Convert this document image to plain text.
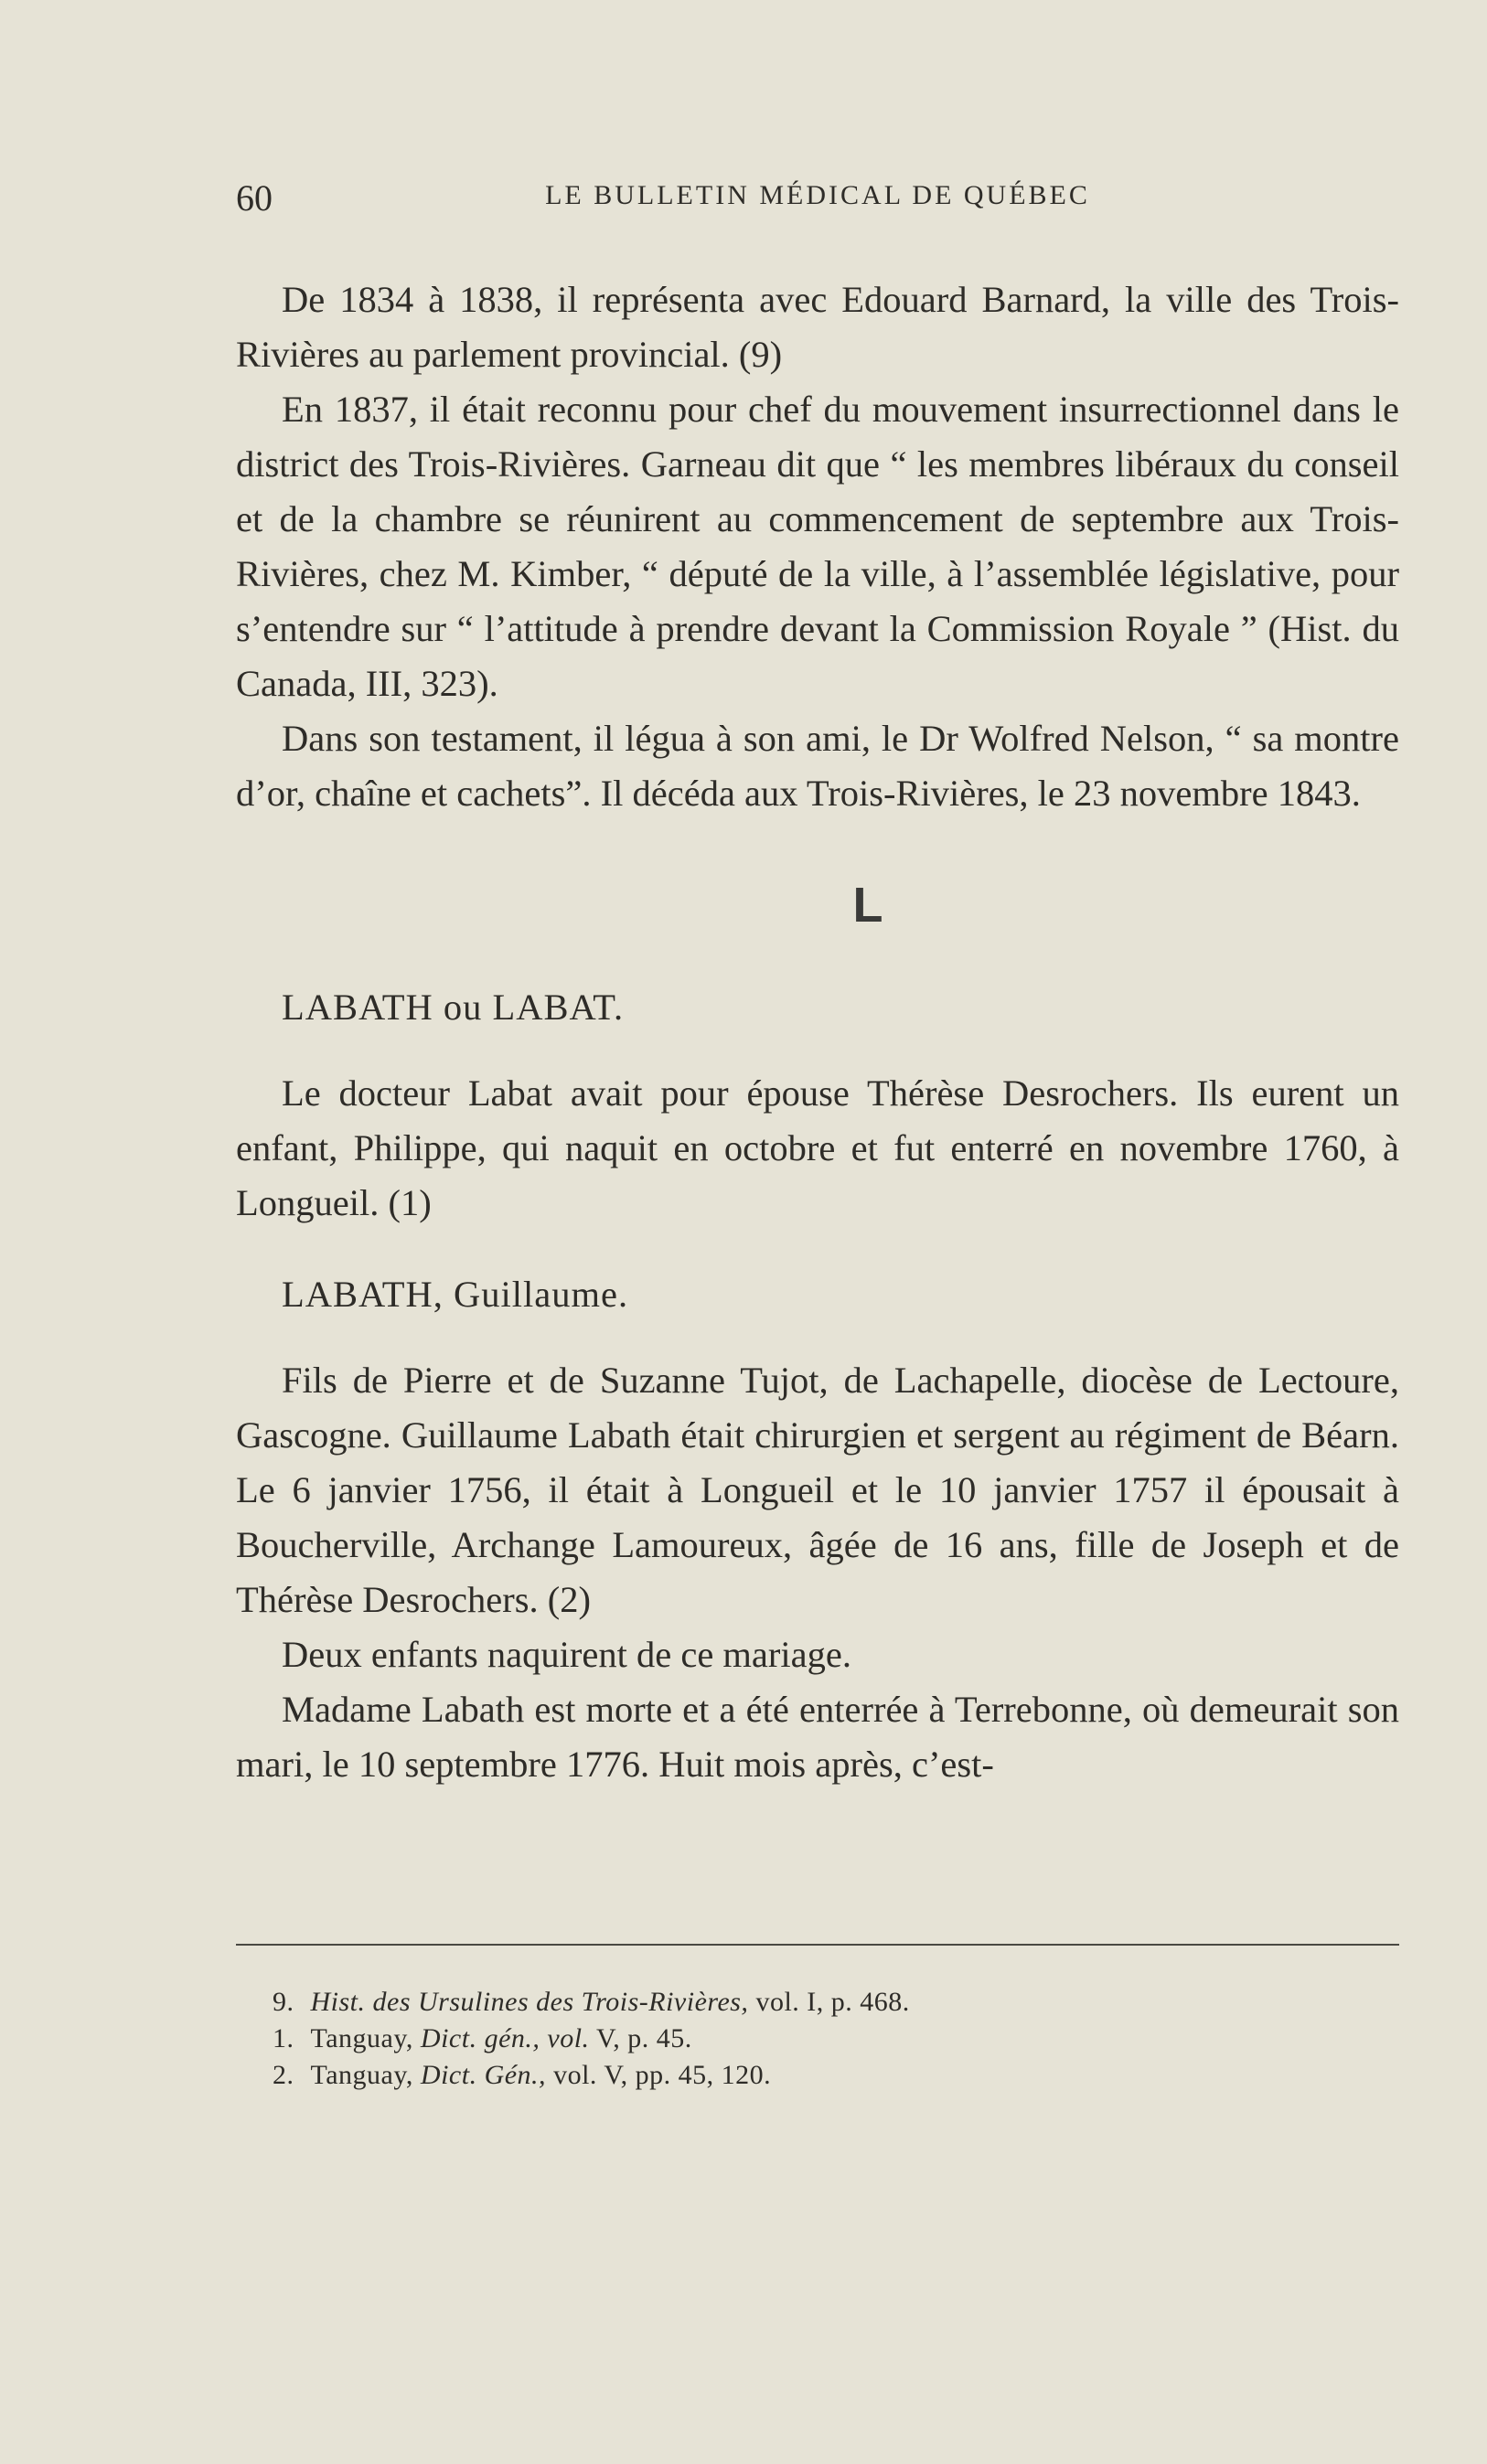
60	LE BULLETIN MÉDICAL DE QUÉBEC

De 1834 à 1838, il représenta avec Edouard Barnard, la ville des Trois-Rivières au parlement provincial. (9)

En 1837, il était reconnu pour chef du mouvement insurrectionnel dans le district des Trois-Rivières. Garneau dit que “ les membres libéraux du conseil et de la chambre se réunirent au commencement de septembre aux Trois-Rivières, chez M. Kimber, “ député de la ville, à l’assemblée législative, pour s’entendre sur “ l’attitude à prendre devant la Commission Royale ” (Hist. du Canada, III, 323).

Dans son testament, il légua à son ami, le Dr Wolfred Nelson, “ sa montre d’or, chaîne et cachets”. Il décéda aux Trois-Rivières, le 23 novembre 1843.

L
LABATH ou LABAT.

Le docteur Labat avait pour épouse Thérèse Desrochers. Ils eurent un enfant, Philippe, qui naquit en octobre et fut enterré en novembre 1760, à Longueil. (1)

LABATH, Guillaume.

Fils de Pierre et de Suzanne Tujot, de Lachapelle, diocèse de Lectoure, Gascogne. Guillaume Labath était chirurgien et sergent au régiment de Béarn. Le 6 janvier 1756, il était à Longueil et le 10 janvier 1757 il épousait à Boucherville, Archange Lamoureux, âgée de 16 ans, fille de Joseph et de Thérèse Desrochers. (2)

Deux enfants naquirent de ce mariage.

Madame Labath est morte et a été enterrée à Terrebonne, où demeurait son mari, le 10 septembre 1776. Huit mois après, c’est-

9. Hist. des Ursulines des Trois-Rivières, vol. I, p. 468.
1. Tanguay, Dict. gén., vol. V, p. 45.
2. Tanguay, Dict. Gén., vol. V, pp. 45, 120.
